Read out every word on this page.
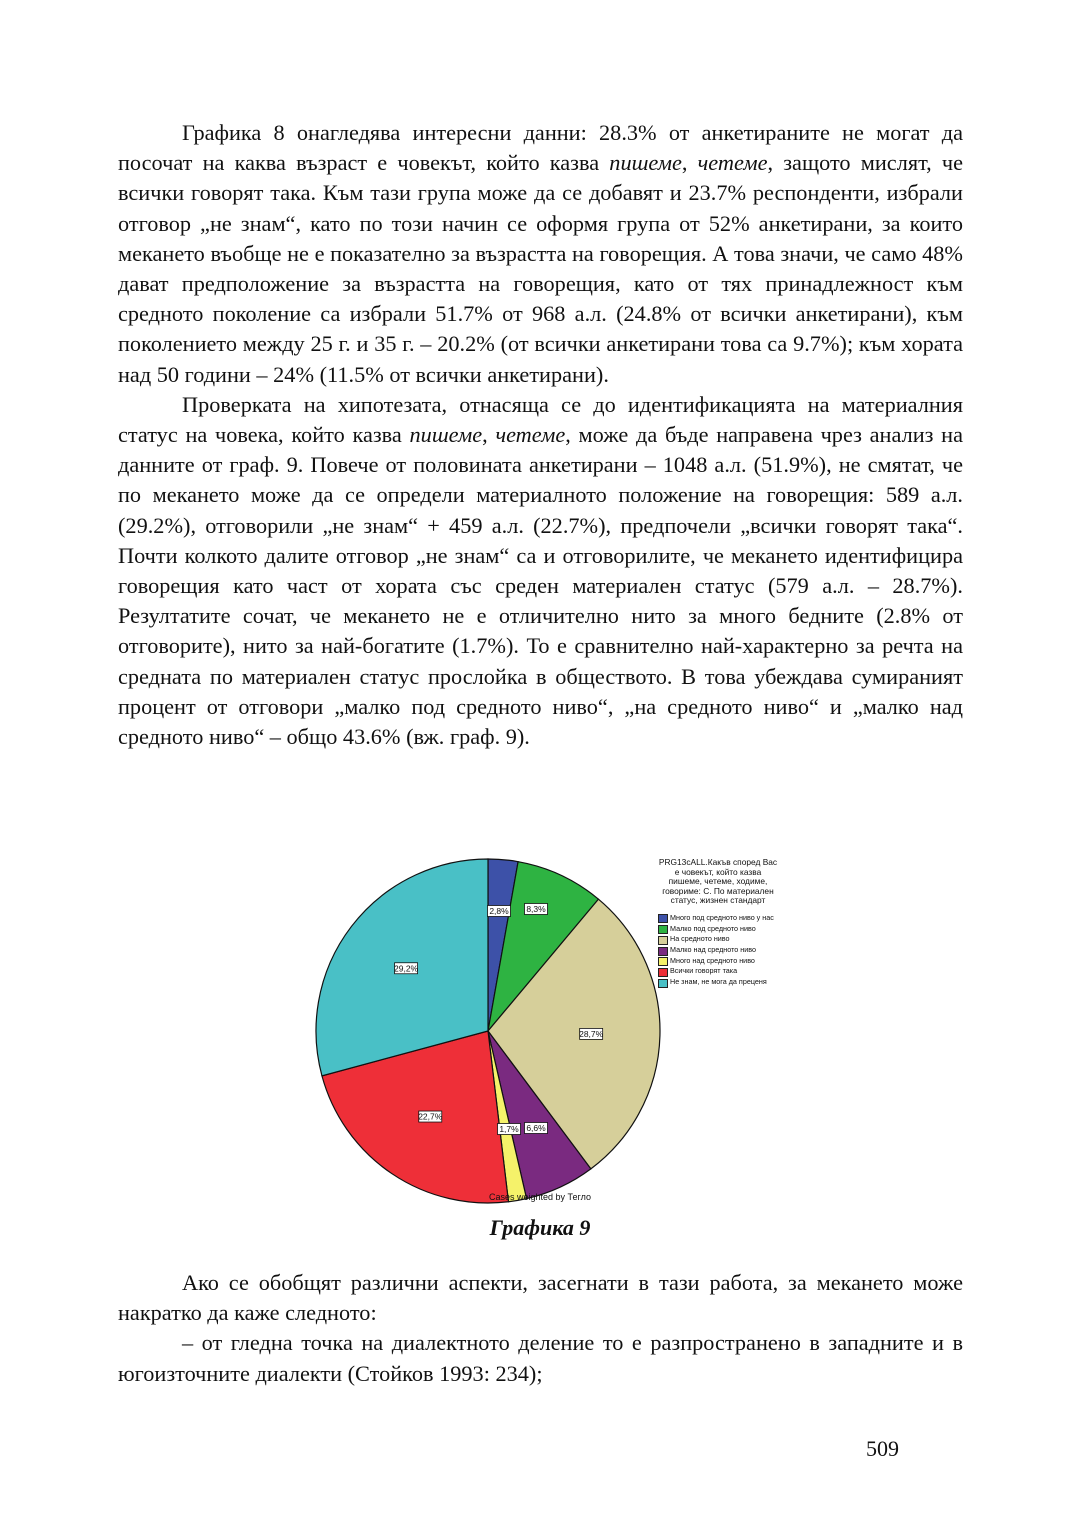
Графика 8 онагледява интересни данни: 28.3% от анкетираните не могат да посочат на каква възраст е човекът, който казва пишеме, четеме, защото мислят, че всички говорят така. Към тази група може да се добавят и 23.7% респонденти, избрали отговор „не знам“, като по този начин се оформя група от 52% анкетирани, за които мекането въобще не е показателно за възрастта на говорещия. А това значи, че само 48% дават предположение за възрастта на говорещия, като от тях принадлежност към средното поколение са избрали 51.7% от 968 а.л. (24.8% от всички анкетирани), към поколението между 25 г. и 35 г. – 20.2% (от всички анкетирани това са 9.7%); към хората над 50 години – 24% (11.5% от всички анкетирани).

Проверката на хипотезата, отнасяща се до идентификацията на материалния статус на човека, който казва пишеме, четеме, може да бъде направена чрез анализ на данните от граф. 9. Повече от половината анкетирани – 1048 а.л. (51.9%), не смятат, че по мекането може да се определи материалното положение на говорещия: 589 а.л. (29.2%), отговорили „не знам“ + 459 а.л. (22.7%), предпочели „всички говорят така“. Почти колкото далите отговор „не знам“ са и отговорилите, че мекането идентифицира говорещия като част от хората със среден материален статус (579 а.л. – 28.7%). Резултатите сочат, че мекането не е отличително нито за много бедните (2.8% от отговорите), нито за най-богатите (1.7%). То е сравнително най-характерно за речта на средната по материален статус прослойка в обществото. В това убеждава сумираният процент от отговори „малко под средното ниво“, „на средното ниво“ и „малко над средното ниво“ – общо 43.6% (вж. граф. 9).

2,8% 8,3%
28,7%
6,6%
1,7%
22,7%
29,2%
PRG13cALL.Какъв според Вас е човекът, който казва пишеме, четеме, ходиме, говориме: С. По материален статус, жизнен стандарт
Много под средното ниво у нас
Малко под средното ниво
На средното ниво
Малко над средното ниво
Много над средното ниво
Всички говорят така
Не знам, не мога да преценя
Cases weighted by Тегло
Графика 9

Ако се обобщят различни аспекти, засегнати в тази работа, за мекането може накратко да каже следното:

– от гледна точка на диалектното деление то е разпространено в западните и в югоизточните диалекти (Стойков 1993: 234);

509
